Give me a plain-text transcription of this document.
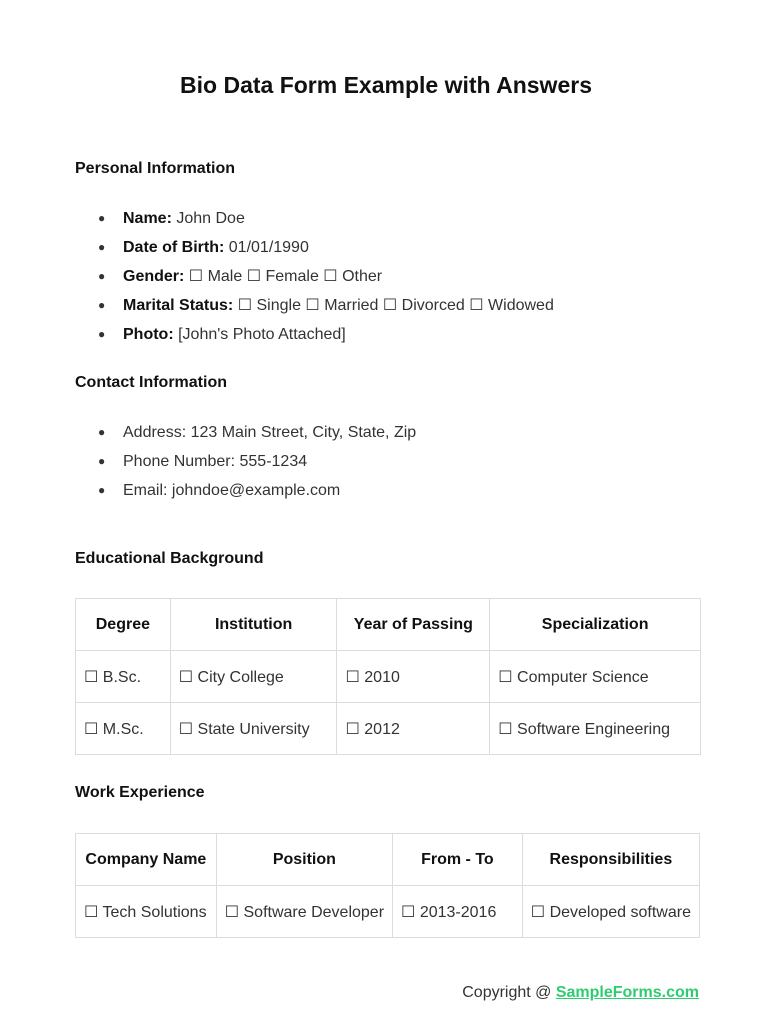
Bio Data Form Example with Answers
Personal Information
● Name: John Doe
● Date of Birth: 01/01/1990
● Gender: ☐ Male ☐ Female ☐ Other
● Marital Status: ☐ Single ☐ Married ☐ Divorced ☐ Widowed
● Photo: [John's Photo Attached]
Contact Information
● Address: 123 Main Street, City, State, Zip
● Phone Number: 555-1234
● Email: johndoe@example.com
Educational Background
Degree	Institution	Year of Passing	Specialization
☐ B.Sc.	☐ City College	☐ 2010	☐ Computer Science
☐ M.Sc.	☐ State University	☐ 2012	☐ Software Engineering
Work Experience
Company Name	Position	From - To	Responsibilities
☐ Tech Solutions	☐ Software Developer	☐ 2013-2016	☐ Developed software
Copyright @ SampleForms.com
